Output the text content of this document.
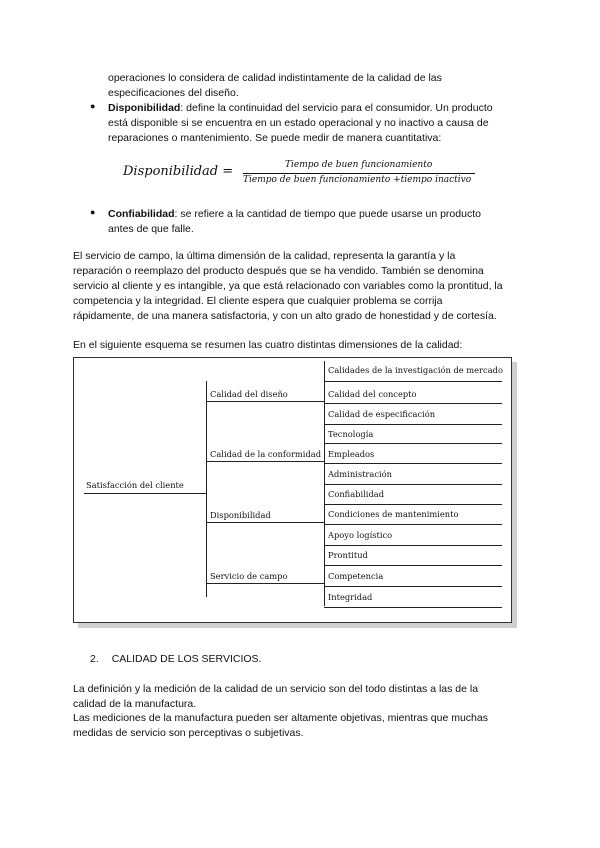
operaciones lo considera de calidad indistintamente de la calidad de las
especificaciones del diseño.
● Disponibilidad: define la continuidad del servicio para el consumidor. Un producto
está disponible si se encuentra en un estado operacional y no inactivo a causa de
reparaciones o mantenimiento. Se puede medir de manera cuantitativa:
Disponibilidad =	Tiempo de buen funcionamiento
Tiempo de buen funcionamiento +tiempo inactivo
● Confiabilidad: se refiere a la cantidad de tiempo que puede usarse un producto
antes de que falle.
El servicio de campo, la última dimensión de la calidad, representa la garantía y la
reparación o reemplazo del producto después que se ha vendido. También se denomina
servicio al cliente y es intangible, ya que está relacionado con variables como la prontitud, la
competencia y la integridad. El cliente espera que cualquier problema se corrija
rápidamente, de una manera satisfactoria, y con un alto grado de honestidad y de cortesía.
En el siguiente esquema se resumen las cuatro distintas dimensiones de la calidad:
Satisfacción del cliente
Calidad del diseño
Calidad de la conformidad
Disponibilidad
Servicio de campo
Calidades de la investigación de mercado
Calidad del concepto
Calidad de especificación
Tecnología
Empleados
Administración
Confiabilidad
Condiciones de mantenimiento
Apoyo logístico
Prontitud
Competencia
Integridad
2. CALIDAD DE LOS SERVICIOS.
La definición y la medición de la calidad de un servicio son del todo distintas a las de la
calidad de la manufactura.
Las mediciones de la manufactura pueden ser altamente objetivas, mientras que muchas
medidas de servicio son perceptivas o subjetivas.
